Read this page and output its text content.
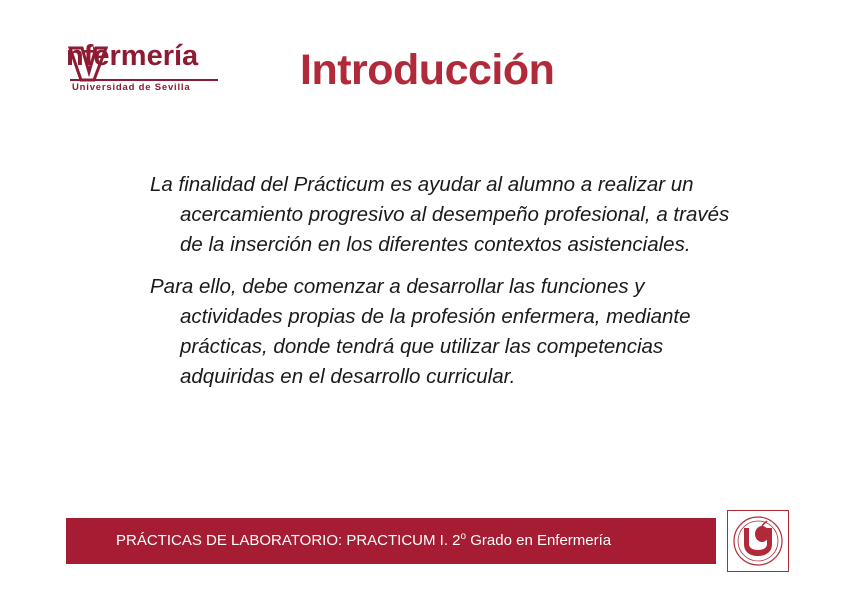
nfermería
Universidad de Sevilla	Introducción

La finalidad del Prácticum es ayudar al alumno a realizar un acercamiento progresivo al desempeño profesional, a través de la inserción en los diferentes contextos asistenciales.

Para ello, debe comenzar a desarrollar las funciones y actividades propias de la profesión enfermera, mediante prácticas, donde tendrá que utilizar las competencias adquiridas en el desarrollo curricular.

PRÁCTICAS DE LABORATORIO: PRACTICUM I. 2$^o$ Grado en Enfermería
